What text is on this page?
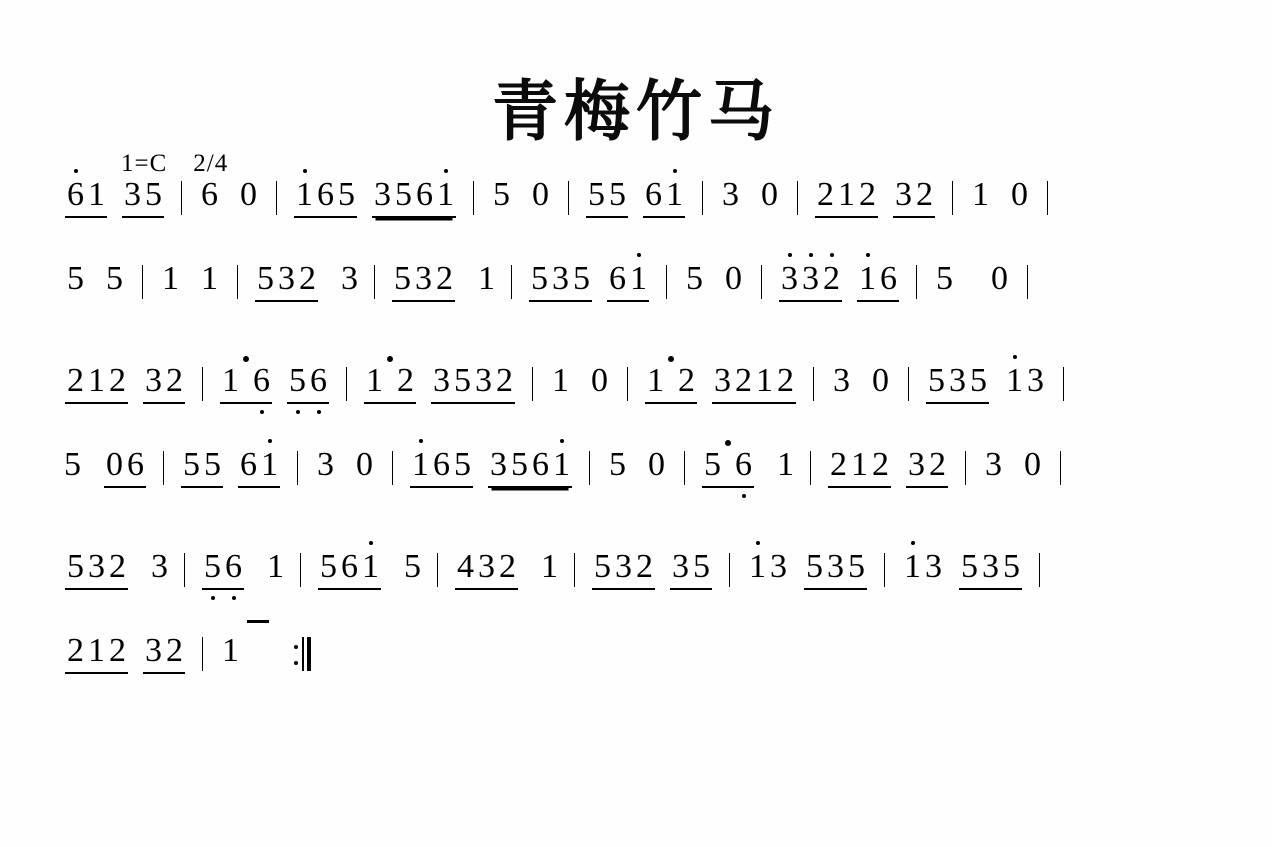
青梅竹马

1=C 2/4

6 1 3 5 6 0 1 6 5 3 5 6 1 5 0 5 5 6 1 3 0 2 1 2 3 2 1 0
5 5 1 1 5 3 2 3 5 3 2 1 5 3 5 6 1 5 0 3 3 2 1 6 5 0
2 1 2 3 2 1 6 5 6 1 2 3 5 3 2 1 0 1 2 3 2 1 2 3 0 5 3 5 1 3
5 0 6 5 5 6 1 3 0 1 6 5 3 5 6 1 5 0 5 6 1 2 1 2 3 2 3 0
5 3 2 3 5 6 1 5 6 1 5 4 3 2 1 5 3 2 3 5 1 3 5 3 5 1 3 5 3 5
2 1 2 3 2 1
